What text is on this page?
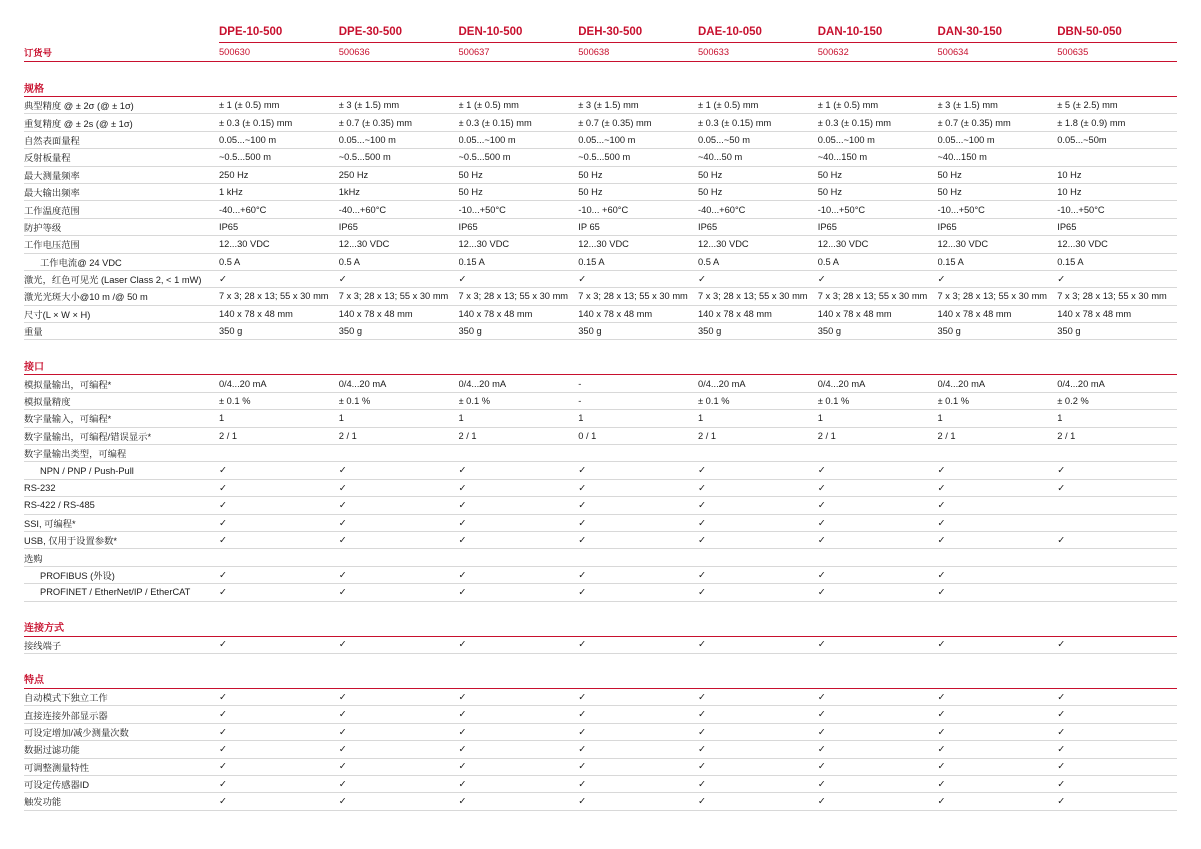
	DPE-10-500	DPE-30-500	DEN-10-500	DEH-30-500	DAE-10-050	DAN-10-150	DAN-30-150	DBN-50-050
订货号	500630	500636	500637	500638	500633	500632	500634	500635

规格								
典型精度 @ ± 2σ (@ ± 1σ)	± 1 (± 0.5) mm	± 3 (± 1.5) mm	± 1 (± 0.5) mm	± 3 (± 1.5) mm	± 1 (± 0.5) mm	± 1 (± 0.5) mm	± 3 (± 1.5) mm	± 5 (± 2.5) mm
重复精度 @ ± 2s (@ ± 1σ)	± 0.3 (± 0.15) mm	± 0.7 (± 0.35) mm	± 0.3 (± 0.15) mm	± 0.7 (± 0.35) mm	± 0.3 (± 0.15) mm	± 0.3 (± 0.15) mm	± 0.7 (± 0.35) mm	± 1.8 (± 0.9) mm
自然表面量程	0.05...~100 m	0.05...~100 m	0.05...~100 m	0.05...~100 m	0.05...~50 m	0.05...~100 m	0.05...~100 m	0.05...~50m
反射板量程	~0.5...500 m	~0.5...500 m	~0.5...500 m	~0.5...500 m	~40...50 m	~40...150 m	~40...150 m	
最大测量频率	250 Hz	250 Hz	50 Hz	50 Hz	50 Hz	50 Hz	50 Hz	10 Hz
最大输出频率	1 kHz	1kHz	50 Hz	50 Hz	50 Hz	50 Hz	50 Hz	10 Hz
工作温度范围	-40...+60°C	-40...+60°C	-10...+50°C	-10... +60°C	-40...+60°C	-10...+50°C	-10...+50°C	-10...+50°C
防护等级	IP65	IP65	IP65	IP 65	IP65	IP65	IP65	IP65
工作电压范围	12...30 VDC	12...30 VDC	12...30 VDC	12...30 VDC	12...30 VDC	12...30 VDC	12...30 VDC	12...30 VDC
工作电流@ 24 VDC	0.5 A	0.5 A	0.15 A	0.15 A	0.5 A	0.5 A	0.15 A	0.15 A
激光，红色可见光 (Laser Class 2, < 1 mW)	✓	✓	✓	✓	✓	✓	✓	✓
激光光斑大小@10 m /@ 50 m	7 x 3; 28 x 13; 55 x 30 mm	7 x 3; 28 x 13; 55 x 30 mm	7 x 3; 28 x 13; 55 x 30 mm	7 x 3; 28 x 13; 55 x 30 mm	7 x 3; 28 x 13; 55 x 30 mm	7 x 3; 28 x 13; 55 x 30 mm	7 x 3; 28 x 13; 55 x 30 mm	7 x 3; 28 x 13; 55 x 30 mm
尺寸(L × W × H)	140 x 78 x 48 mm	140 x 78 x 48 mm	140 x 78 x 48 mm	140 x 78 x 48 mm	140 x 78 x 48 mm	140 x 78 x 48 mm	140 x 78 x 48 mm	140 x 78 x 48 mm
重量	350 g	350 g	350 g	350 g	350 g	350 g	350 g	350 g

接口								
模拟量输出，可编程*	0/4...20 mA	0/4...20 mA	0/4...20 mA	-	0/4...20 mA	0/4...20 mA	0/4...20 mA	0/4...20 mA
模拟量精度	± 0.1 %	± 0.1 %	± 0.1 %	-	± 0.1 %	± 0.1 %	± 0.1 %	± 0.2 %
数字量输入，可编程*	1	1	1	1	1	1	1	1
数字量输出，可编程/错误显示*	2 / 1	2 / 1	2 / 1	0 / 1	2 / 1	2 / 1	2 / 1	2 / 1
数字量输出类型，可编程								
NPN / PNP / Push-Pull	✓	✓	✓	✓	✓	✓	✓	✓
RS-232	✓	✓	✓	✓	✓	✓	✓	✓
RS-422 / RS-485	✓	✓	✓	✓	✓	✓	✓	
SSI, 可编程*	✓	✓	✓	✓	✓	✓	✓	
USB, 仅用于设置参数*	✓	✓	✓	✓	✓	✓	✓	✓
选购								
PROFIBUS (外设)	✓	✓	✓	✓	✓	✓	✓	
PROFINET / EtherNet/IP / EtherCAT	✓	✓	✓	✓	✓	✓	✓	

连接方式								
接线端子	✓	✓	✓	✓	✓	✓	✓	✓

特点								
自动模式下独立工作	✓	✓	✓	✓	✓	✓	✓	✓
直接连接外部显示器	✓	✓	✓	✓	✓	✓	✓	✓
可设定增加/减少测量次数	✓	✓	✓	✓	✓	✓	✓	✓
数据过滤功能	✓	✓	✓	✓	✓	✓	✓	✓
可调整测量特性	✓	✓	✓	✓	✓	✓	✓	✓
可设定传感器ID	✓	✓	✓	✓	✓	✓	✓	✓
触发功能	✓	✓	✓	✓	✓	✓	✓	✓
